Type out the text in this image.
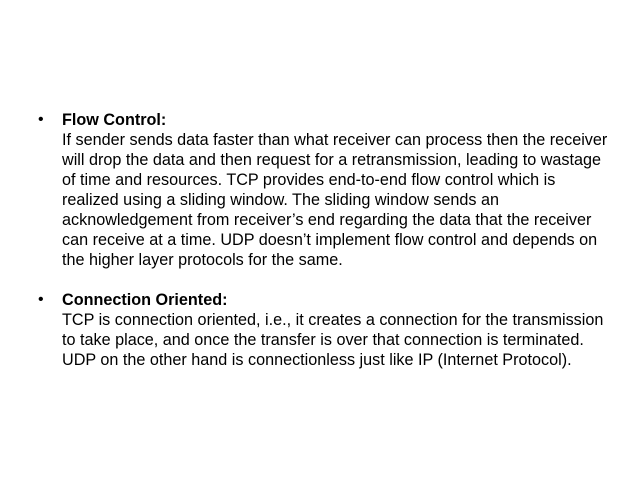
• Flow Control:

If sender sends data faster than what receiver can process then the receiver will drop the data and then request for a retransmission, leading to wastage of time and resources. TCP provides end-to-end flow control which is realized using a sliding window. The sliding window sends an acknowledgement from receiver’s end regarding the data that the receiver can receive at a time. UDP doesn’t implement flow control and depends on the higher layer protocols for the same.

• Connection Oriented:

TCP is connection oriented, i.e., it creates a connection for the transmission to take place, and once the transfer is over that connection is terminated. UDP on the other hand is connectionless just like IP (Internet Protocol).
